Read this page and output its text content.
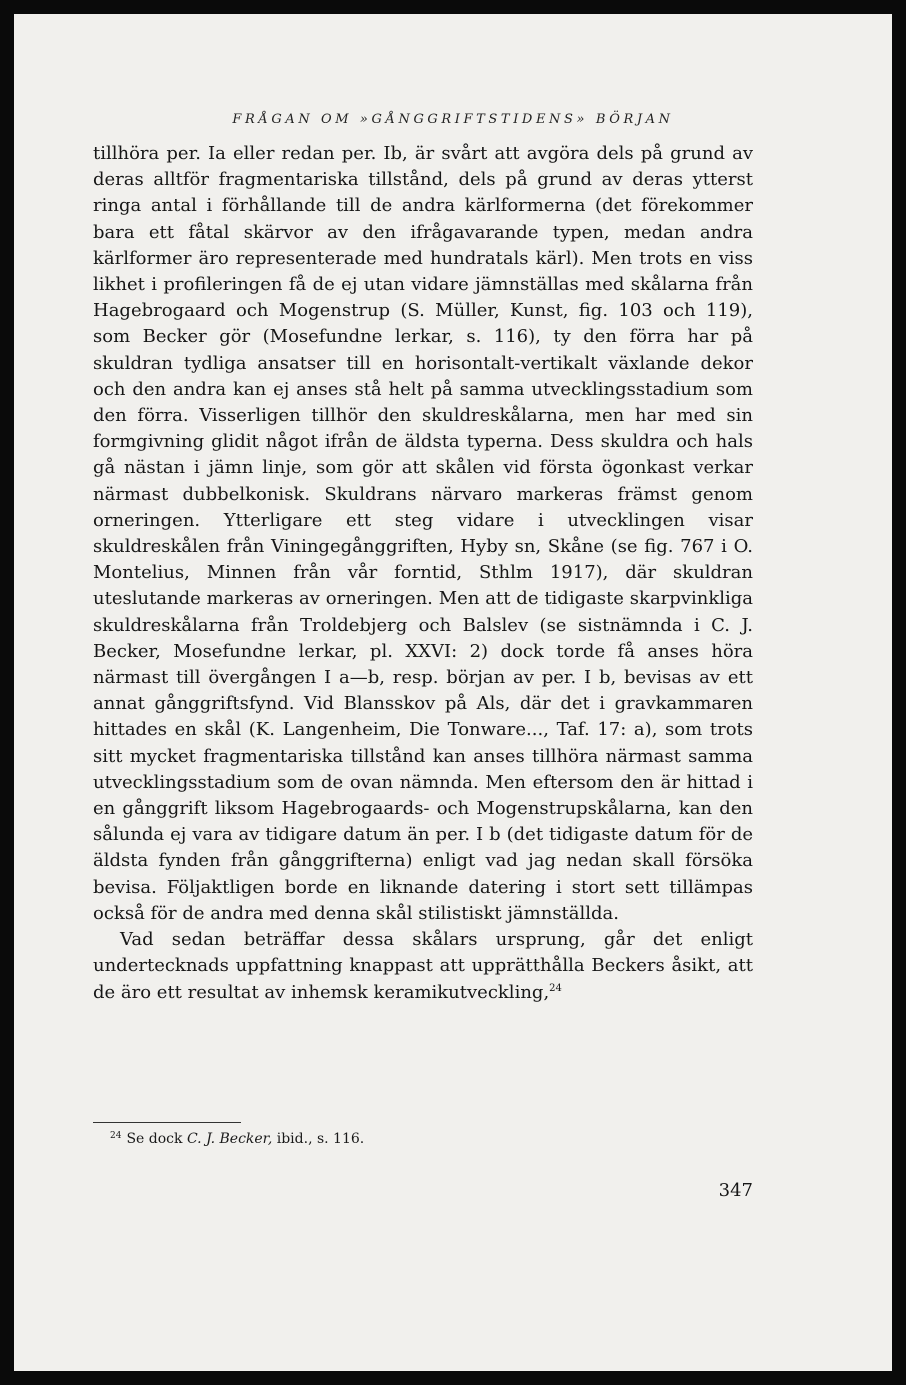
FRÅGAN OM »GÅNGGRIFTSTIDENS» BÖRJAN

tillhöra per. Ia eller redan per. Ib, är svårt att avgöra dels på grund av deras alltför fragmentariska tillstånd, dels på grund av deras ytterst ringa antal i förhållande till de andra kärlformerna (det förekommer bara ett fåtal skärvor av den ifrågavarande typen, medan andra kärlformer äro representerade med hundratals kärl). Men trots en viss likhet i profileringen få de ej utan vidare jämnställas med skålarna från Hagebrogaard och Mogenstrup (S. Müller, Kunst, fig. 103 och 119), som Becker gör (Mosefundne lerkar, s. 116), ty den förra har på skuldran tydliga ansatser till en horisontalt-vertikalt växlande dekor och den andra kan ej anses stå helt på samma utvecklingsstadium som den förra. Visserligen tillhör den skuldreskålarna, men har med sin formgivning glidit något ifrån de äldsta typerna. Dess skuldra och hals gå nästan i jämn linje, som gör att skålen vid första ögonkast verkar närmast dubbelkonisk. Skuldrans närvaro markeras främst genom orneringen. Ytterligare ett steg vidare i utvecklingen visar skuldreskålen från Viningegånggriften, Hyby sn, Skåne (se fig. 767 i O. Montelius, Minnen från vår forntid, Sthlm 1917), där skuldran uteslutande markeras av orneringen. Men att de tidigaste skarpvinkliga skuldreskålarna från Troldebjerg och Balslev (se sistnämnda i C. J. Becker, Mosefundne lerkar, pl. XXVI: 2) dock torde få anses höra närmast till övergången I a—b, resp. början av per. I b, bevisas av ett annat gånggriftsfynd. Vid Blansskov på Als, där det i gravkammaren hittades en skål (K. Langenheim, Die Tonware..., Taf. 17: a), som trots sitt mycket fragmentariska tillstånd kan anses tillhöra närmast samma utvecklingsstadium som de ovan nämnda. Men eftersom den är hittad i en gånggrift liksom Hagebrogaards- och Mogenstrupskålarna, kan den sålunda ej vara av tidigare datum än per. I b (det tidigaste datum för de äldsta fynden från gånggrifterna) enligt vad jag nedan skall försöka bevisa. Följaktligen borde en liknande datering i stort sett tillämpas också för de andra med denna skål stilistiskt jämnställda.

Vad sedan beträffar dessa skålars ursprung, går det enligt undertecknads uppfattning knappast att upprätthålla Beckers åsikt, att de äro ett resultat av inhemsk keramikutveckling,$^{24}$

$^{24}$ Se dock C. J. Becker, ibid., s. 116.
347
